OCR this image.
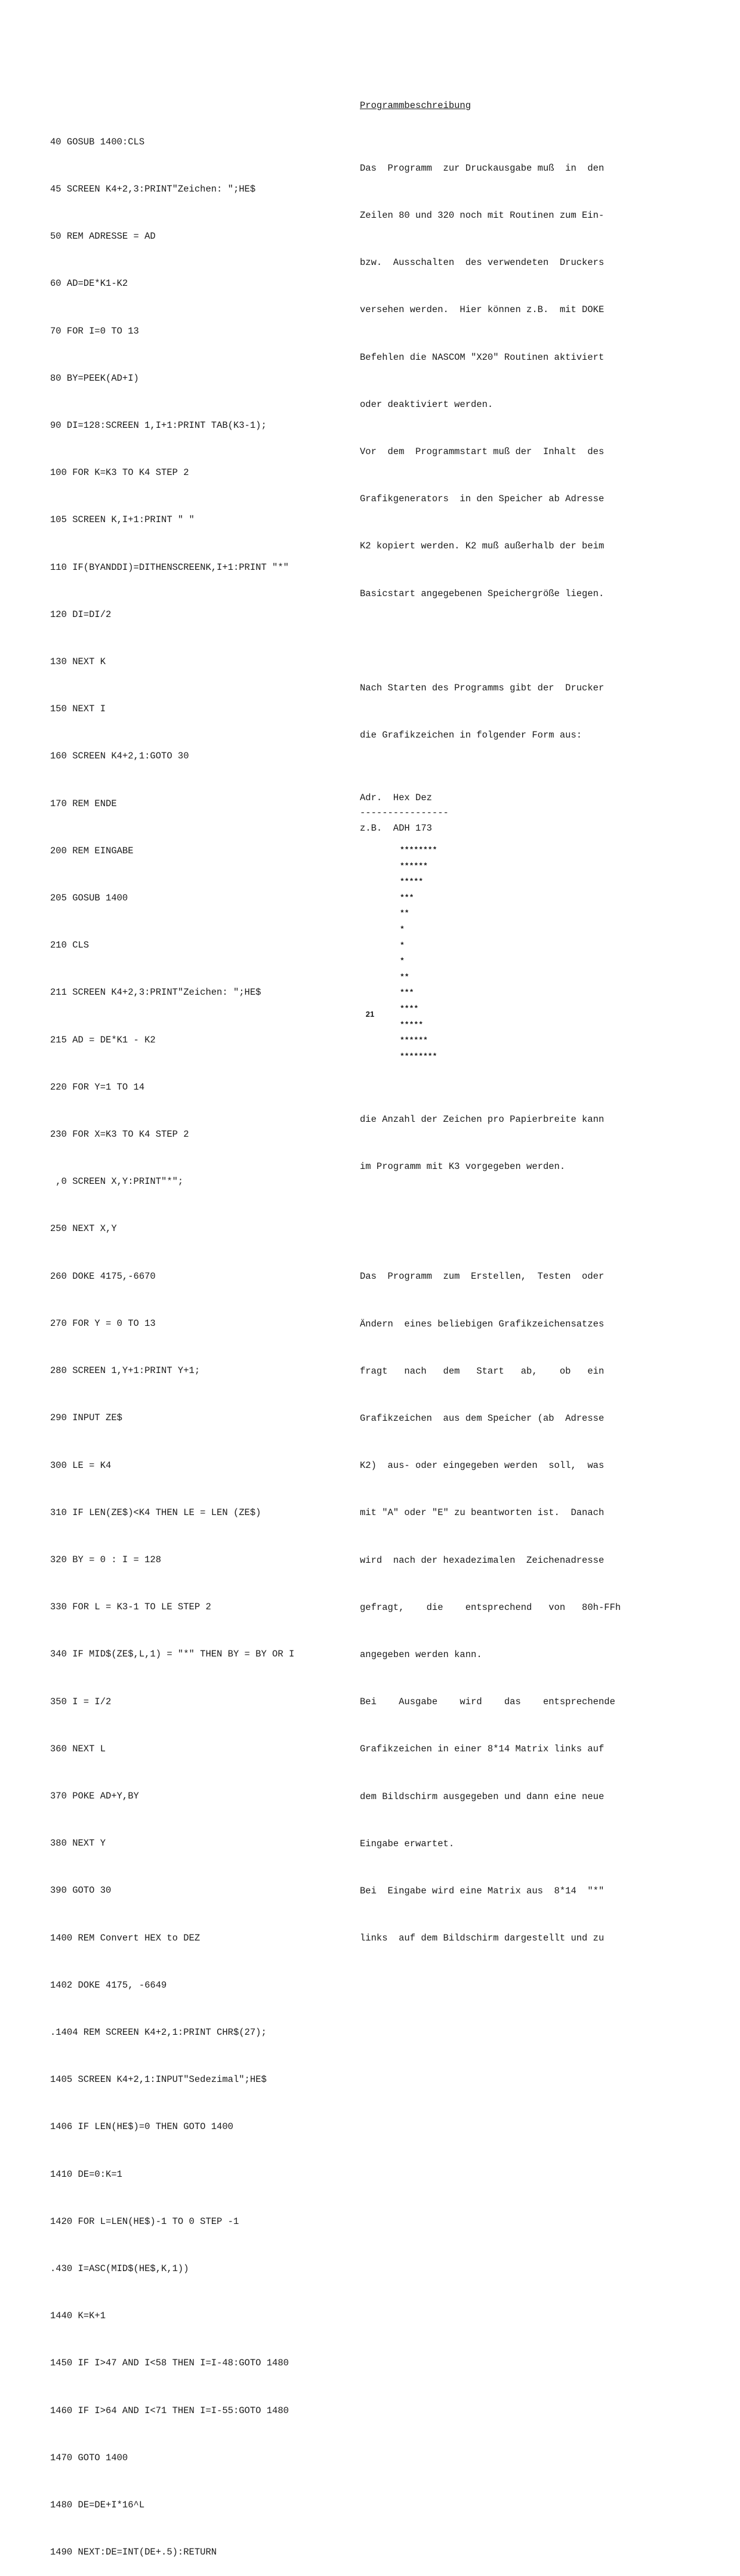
40 GOSUB 1400:CLS

45 SCREEN K4+2,3:PRINT"Zeichen: ";HE$

50 REM ADRESSE = AD

60 AD=DE*K1-K2

70 FOR I=0 TO 13

80 BY=PEEK(AD+I)

90 DI=128:SCREEN 1,I+1:PRINT TAB(K3-1);

100 FOR K=K3 TO K4 STEP 2

105 SCREEN K,I+1:PRINT " "

110 IF(BYANDDI)=DITHENSCREENK,I+1:PRINT "*"

120 DI=DI/2

130 NEXT K

150 NEXT I

160 SCREEN K4+2,1:GOTO 30

170 REM ENDE

200 REM EINGABE

205 GOSUB 1400

210 CLS

211 SCREEN K4+2,3:PRINT"Zeichen: ";HE$

215 AD = DE*K1 - K2

220 FOR Y=1 TO 14

230 FOR X=K3 TO K4 STEP 2

,0 SCREEN X,Y:PRINT"*";

250 NEXT X,Y

260 DOKE 4175,-6670

270 FOR Y = 0 TO 13

280 SCREEN 1,Y+1:PRINT Y+1;

290 INPUT ZE$

300 LE = K4

310 IF LEN(ZE$)<K4 THEN LE = LEN (ZE$)

320 BY = 0 : I = 128

330 FOR L = K3-1 TO LE STEP 2

340 IF MID$(ZE$,L,1) = "*" THEN BY = BY OR I

350 I = I/2

360 NEXT L

370 POKE AD+Y,BY

380 NEXT Y

390 GOTO 30

1400 REM Convert HEX to DEZ

1402 DOKE 4175, -6649

.1404 REM SCREEN K4+2,1:PRINT CHR$(27);

1405 SCREEN K4+2,1:INPUT"Sedezimal";HE$

1406 IF LEN(HE$)=0 THEN GOTO 1400

1410 DE=0:K=1

1420 FOR L=LEN(HE$)-1 TO 0 STEP -1

.430 I=ASC(MID$(HE$,K,1))

1440 K=K+1

1450 IF I>47 AND I<58 THEN I=I-48:GOTO 1480

1460 IF I>64 AND I<71 THEN I=I-55:GOTO 1480

1470 GOTO 1400

1480 DE=DE+I*16^L

1490 NEXT:DE=INT(DE+.5):RETURN

Programmbeschreibung

Das  Programm  zur Druckausgabe muß  in  den

Zeilen 80 und 320 noch mit Routinen zum Ein-

bzw.  Ausschalten  des verwendeten  Druckers

versehen werden.  Hier können z.B.  mit DOKE

Befehlen die NASCOM "X20" Routinen aktiviert

oder deaktiviert werden.

Vor  dem  Programmstart muß der  Inhalt  des

Grafikgenerators  in den Speicher ab Adresse

K2 kopiert werden. K2 muß außerhalb der beim

Basicstart angegebenen Speichergröße liegen.

Nach Starten des Programms gibt der  Drucker

die Grafikzeichen in folgender Form aus:

Adr.  Hex Dez
----------------
z.B.  ADH 173
********
******
*****
***
**
*
*
*
**
***
****
*****
******
********

die Anzahl der Zeichen pro Papierbreite kann

im Programm mit K3 vorgegeben werden.

Das  Programm  zum  Erstellen,  Testen  oder

Ändern  eines beliebigen Grafikzeichensatzes

fragt   nach   dem   Start   ab,    ob   ein

Grafikzeichen  aus dem Speicher (ab  Adresse

K2)  aus- oder eingegeben werden  soll,  was

mit "A" oder "E" zu beantworten ist.  Danach

wird  nach der hexadezimalen  Zeichenadresse

gefragt,    die    entsprechend   von   80h-FFh

angegeben werden kann.

Bei    Ausgabe    wird    das    entsprechende

Grafikzeichen in einer 8*14 Matrix links auf

dem Bildschirm ausgegeben und dann eine neue

Eingabe erwartet.

Bei  Eingabe wird eine Matrix aus  8*14  "*"

links  auf dem Bildschirm dargestellt und zu

21
